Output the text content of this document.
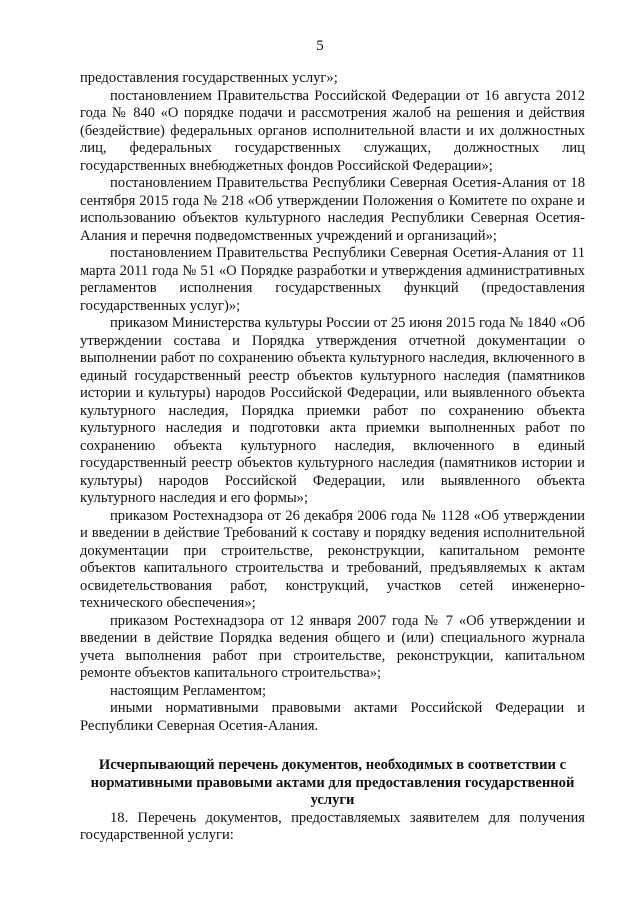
5

предоставления государственных услуг»;

постановлением Правительства Российской Федерации от 16 августа 2012 года № 840 «О порядке подачи и рассмотрения жалоб на решения и действия (бездействие) федеральных органов исполнительной власти и их должностных лиц, федеральных государственных служащих, должностных лиц государственных внебюджетных фондов Российской Федерации»;

постановлением Правительства Республики Северная Осетия-Алания от 18 сентября 2015 года № 218 «Об утверждении Положения о Комитете по охране и использованию объектов культурного наследия Республики Северная Осетия-Алания и перечня подведомственных учреждений и организаций»;

постановлением Правительства Республики Северная Осетия-Алания от 11 марта 2011 года № 51 «О Порядке разработки и утверждения административных регламентов исполнения государственных функций (предоставления государственных услуг)»;

приказом Министерства культуры России от 25 июня 2015 года № 1840 «Об утверждении состава и Порядка утверждения отчетной документации о выполнении работ по сохранению объекта культурного наследия, включенного в единый государственный реестр объектов культурного наследия (памятников истории и культуры) народов Российской Федерации, или выявленного объекта культурного наследия, Порядка приемки работ по сохранению объекта культурного наследия и подготовки акта приемки выполненных работ по сохранению объекта культурного наследия, включенного в единый государственный реестр объектов культурного наследия (памятников истории и культуры) народов Российской Федерации, или выявленного объекта культурного наследия и его формы»;

приказом Ростехнадзора от 26 декабря 2006 года № 1128 «Об утверждении и введении в действие Требований к составу и порядку ведения исполнительной документации при строительстве, реконструкции, капитальном ремонте объектов капитального строительства и требований, предъявляемых к актам освидетельствования работ, конструкций, участков сетей инженерно-технического обеспечения»;

приказом Ростехнадзора от 12 января 2007 года № 7 «Об утверждении и введении в действие Порядка ведения общего и (или) специального журнала учета выполнения работ при строительстве, реконструкции, капитальном ремонте объектов капитального строительства»;

настоящим Регламентом;

иными нормативными правовыми актами Российской Федерации и Республики Северная Осетия-Алания.

Исчерпывающий перечень документов, необходимых в соответствии с нормативными правовыми актами для предоставления государственной услуги

18. Перечень документов, предоставляемых заявителем для получения государственной услуги:
